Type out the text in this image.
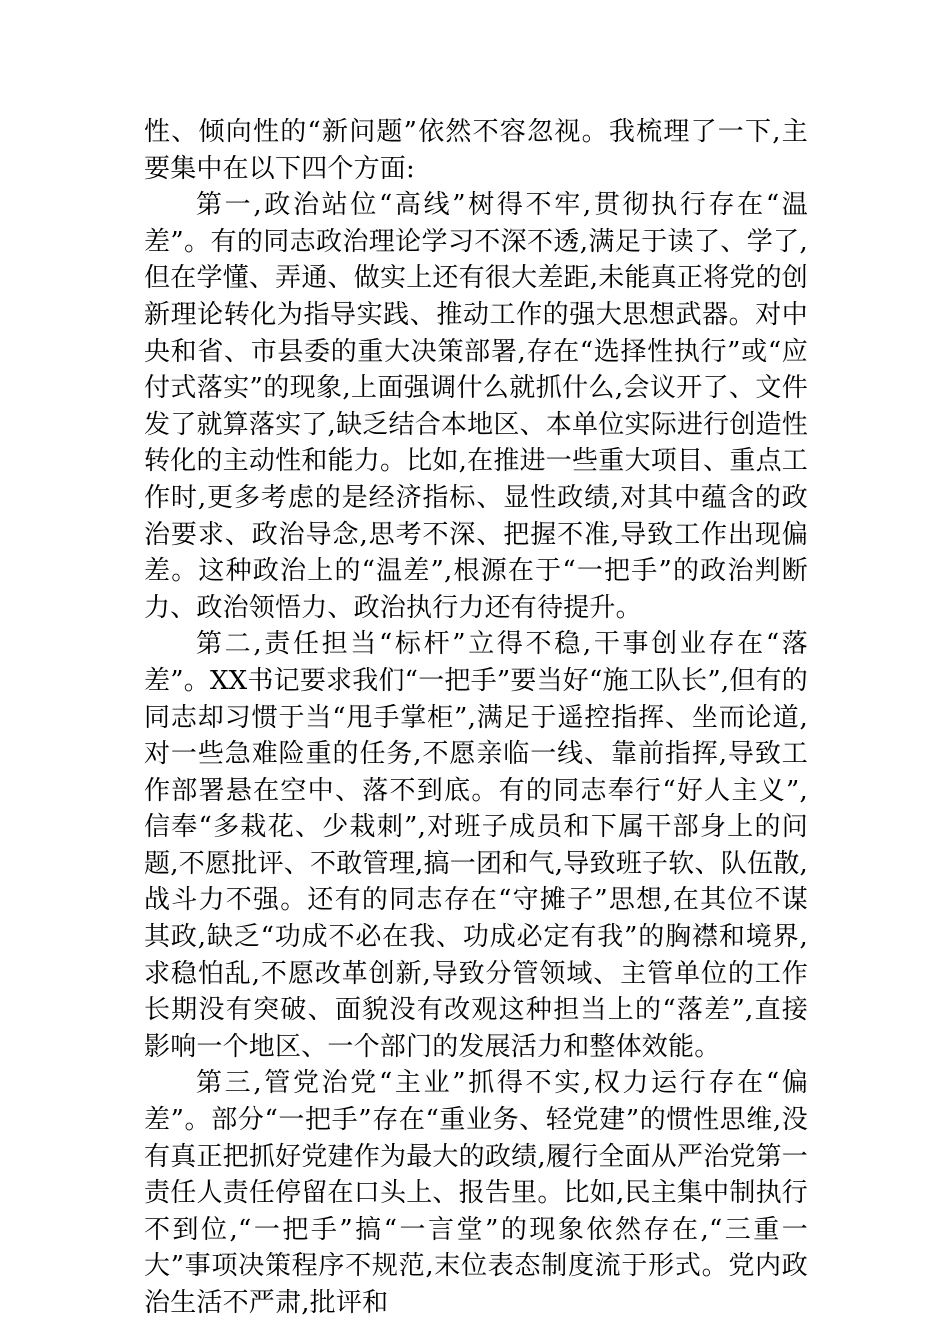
性、倾向性的“新问题”依然不容忽视。我梳理了一下,主要集中在以下四个方面:

第一,政治站位“高线”树得不牢,贯彻执行存在“温差”。有的同志政治理论学习不深不透,满足于读了、学了,但在学懂、弄通、做实上还有很大差距,未能真正将党的创新理论转化为指导实践、推动工作的强大思想武器。对中央和省、市县委的重大决策部署,存在“选择性执行”或“应付式落实”的现象,上面强调什么就抓什么,会议开了、文件发了就算落实了,缺乏结合本地区、本单位实际进行创造性转化的主动性和能力。比如,在推进一些重大项目、重点工作时,更多考虑的是经济指标、显性政绩,对其中蕴含的政治要求、政治导念,思考不深、把握不准,导致工作出现偏差。这种政治上的“温差”,根源在于“一把手”的政治判断力、政治领悟力、政治执行力还有待提升。

第二,责任担当“标杆”立得不稳,干事创业存在“落差”。XX书记要求我们“一把手”要当好“施工队长”,但有的同志却习惯于当“甩手掌柜”,满足于遥控指挥、坐而论道,对一些急难险重的任务,不愿亲临一线、靠前指挥,导致工作部署悬在空中、落不到底。有的同志奉行“好人主义”,信奉“多栽花、少栽刺”,对班子成员和下属干部身上的问题,不愿批评、不敢管理,搞一团和气,导致班子软、队伍散,战斗力不强。还有的同志存在“守摊子”思想,在其位不谋其政,缺乏“功成不必在我、功成必定有我”的胸襟和境界,求稳怕乱,不愿改革创新,导致分管领域、主管单位的工作长期没有突破、面貌没有改观这种担当上的“落差”,直接影响一个地区、一个部门的发展活力和整体效能。

第三,管党治党“主业”抓得不实,权力运行存在“偏差”。部分“一把手”存在“重业务、轻党建”的惯性思维,没有真正把抓好党建作为最大的政绩,履行全面从严治党第一责任人责任停留在口头上、报告里。比如,民主集中制执行不到位,“一把手”搞“一言堂”的现象依然存在,“三重一大”事项决策程序不规范,末位表态制度流于形式。党内政治生活不严肃,批评和
